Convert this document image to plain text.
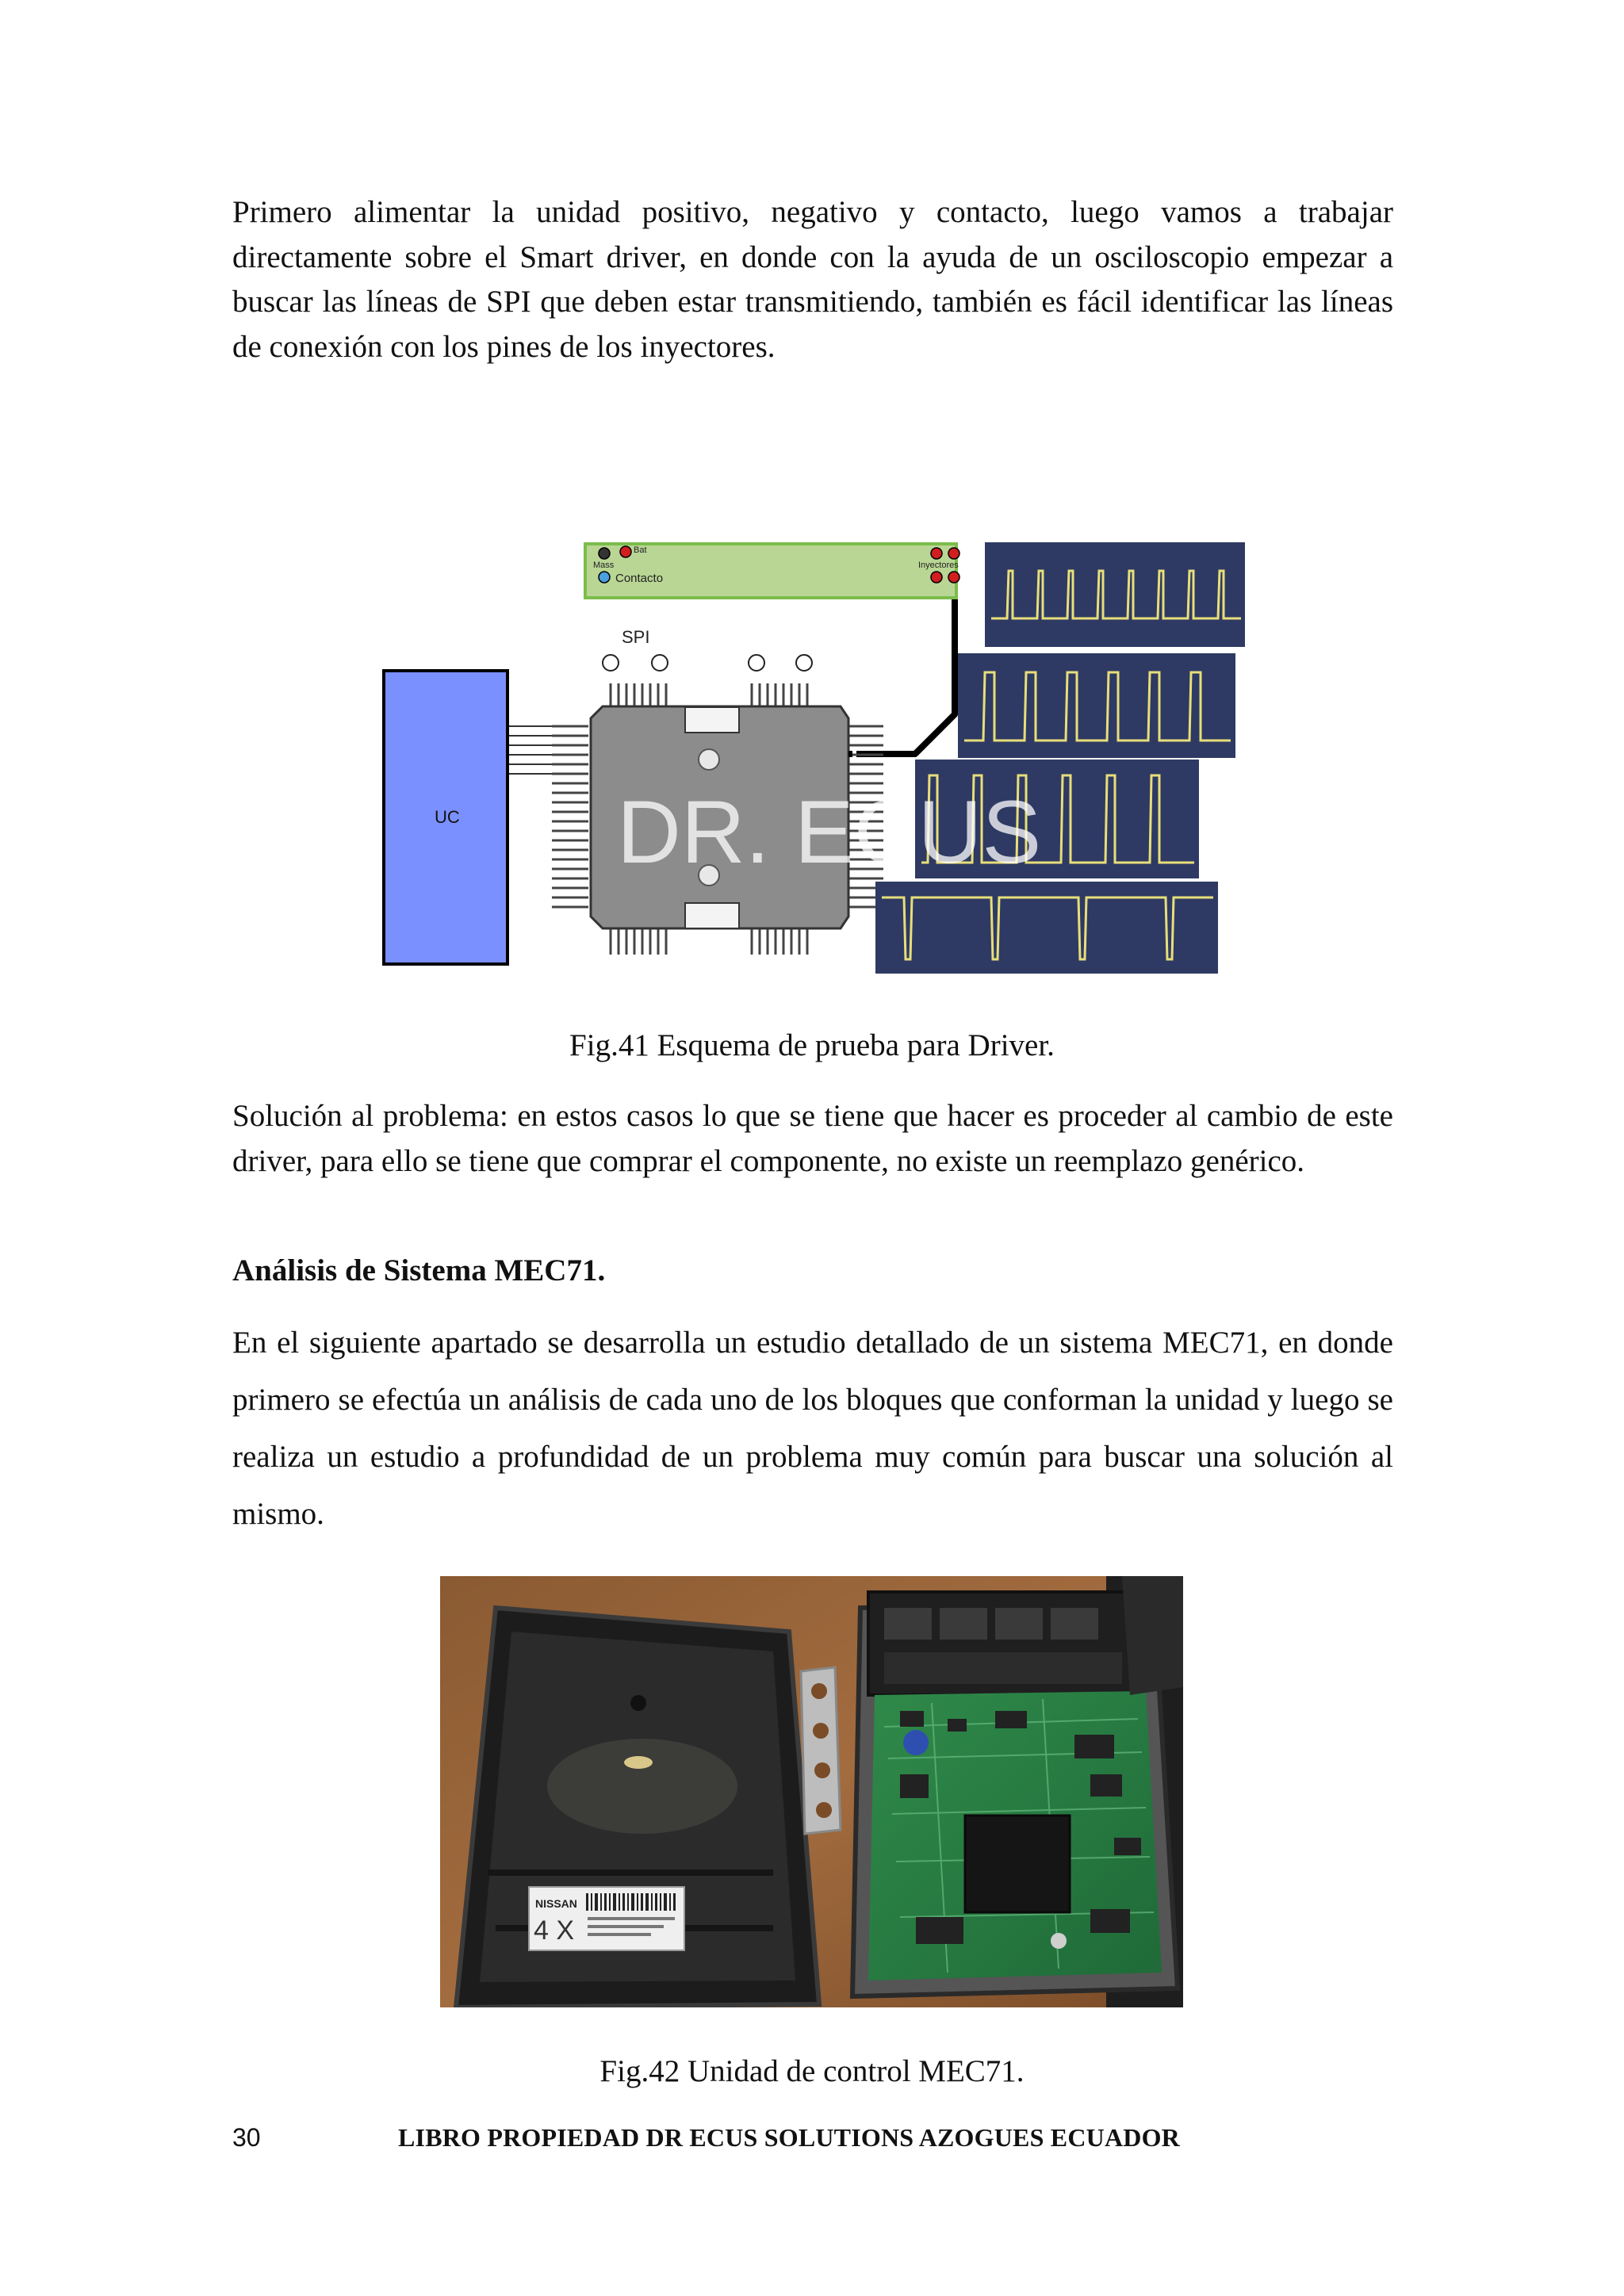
Primero alimentar la unidad positivo, negativo y contacto, luego vamos a trabajar directamente sobre el Smart driver, en donde con la ayuda de un osciloscopio empezar a buscar las líneas de SPI que deben estar transmitiendo, también es fácil identificar las líneas de conexión con los pines de los inyectores.

Bat
Mass
Contacto
Inyectores
SPI
UC DR. ECUS

Fig.41 Esquema de prueba para Driver.

Solución al problema: en estos casos lo que se tiene que hacer es proceder al cambio de este driver, para ello se tiene que comprar el componente, no existe un reemplazo genérico.

Análisis de Sistema MEC71.

En el siguiente apartado se desarrolla un estudio detallado de un sistema MEC71, en donde primero se efectúa un análisis de cada uno de los bloques que conforman la unidad y luego se realiza un estudio a profundidad de un problema muy común para buscar una solución al mismo.

NISSAN
4 X

Fig.42 Unidad de control MEC71.

30	LIBRO PROPIEDAD DR ECUS SOLUTIONS AZOGUES ECUADOR
